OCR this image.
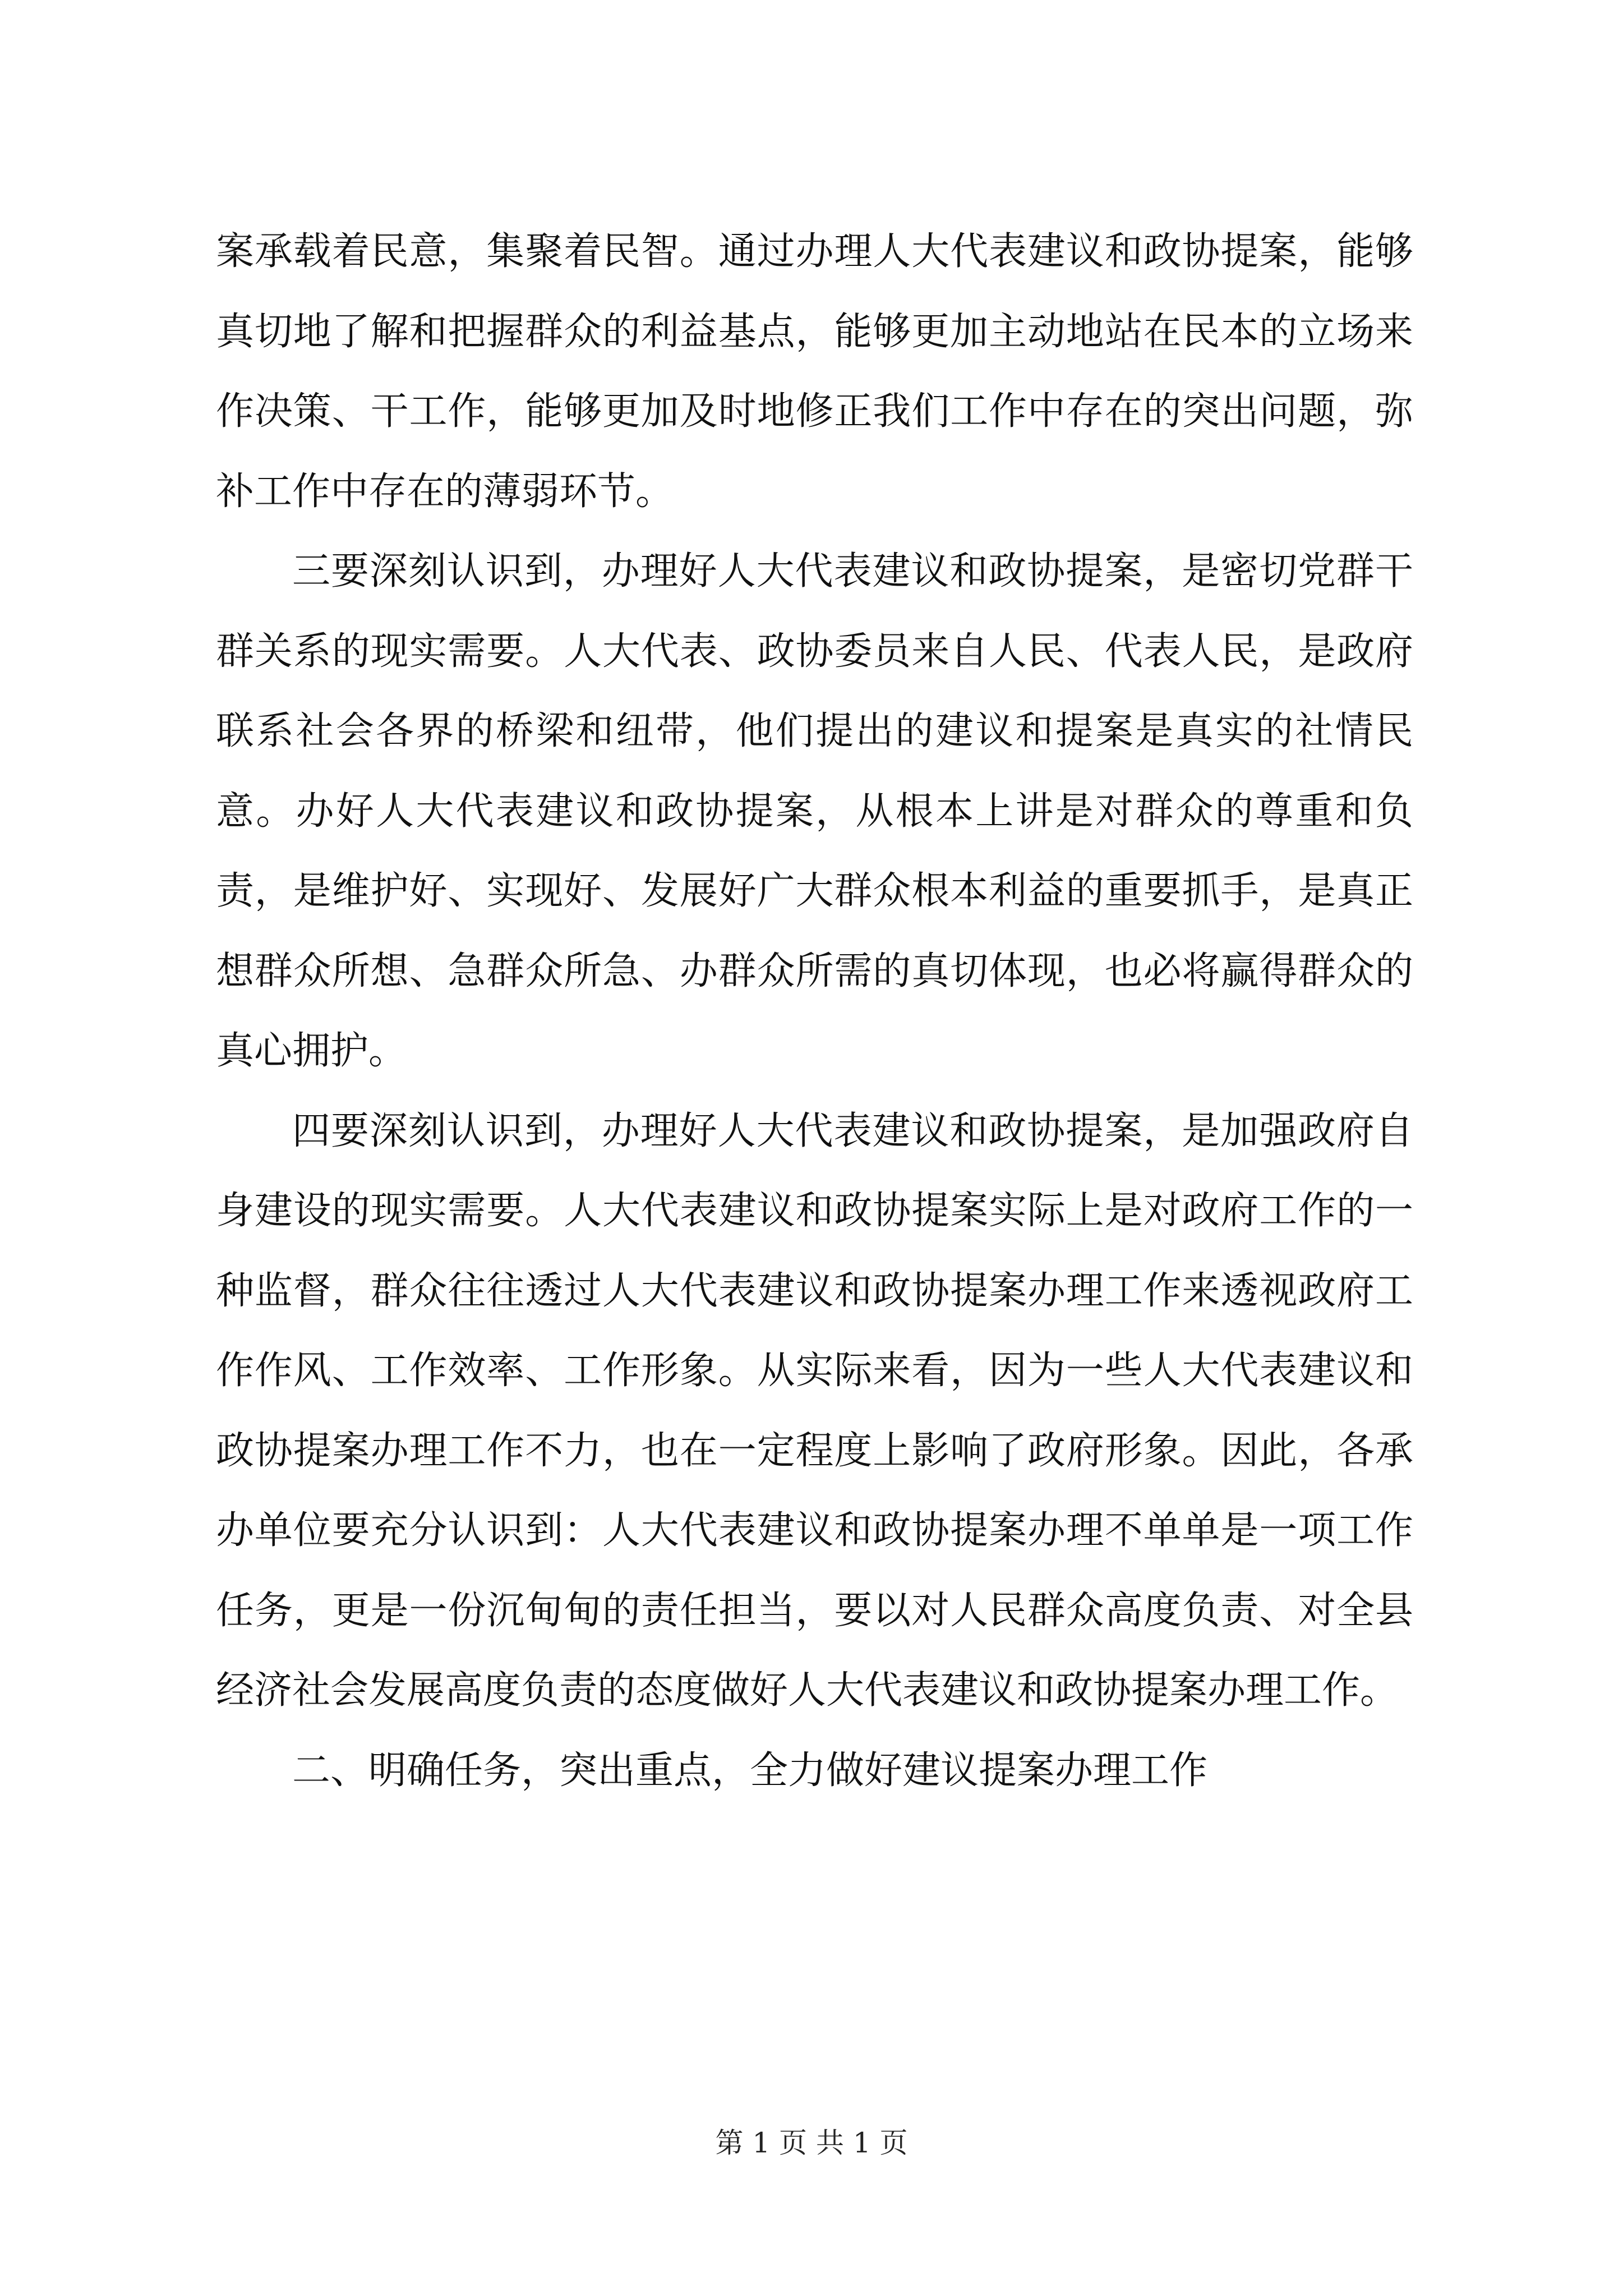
案承载着民意，集聚着民智。通过办理人大代表建议和政协提案，能够真切地了解和把握群众的利益基点，能够更加主动地站在民本的立场来作决策、干工作，能够更加及时地修正我们工作中存在的突出问题，弥补工作中存在的薄弱环节。

三要深刻认识到，办理好人大代表建议和政协提案，是密切党群干群关系的现实需要。人大代表、政协委员来自人民、代表人民，是政府联系社会各界的桥梁和纽带，他们提出的建议和提案是真实的社情民意。办好人大代表建议和政协提案，从根本上讲是对群众的尊重和负责，是维护好、实现好、发展好广大群众根本利益的重要抓手，是真正想群众所想、急群众所急、办群众所需的真切体现，也必将赢得群众的真心拥护。

四要深刻认识到，办理好人大代表建议和政协提案，是加强政府自身建设的现实需要。人大代表建议和政协提案实际上是对政府工作的一种监督，群众往往透过人大代表建议和政协提案办理工作来透视政府工作作风、工作效率、工作形象。从实际来看，因为一些人大代表建议和政协提案办理工作不力，也在一定程度上影响了政府形象。因此，各承办单位要充分认识到：人大代表建议和政协提案办理不单单是一项工作任务，更是一份沉甸甸的责任担当，要以对人民群众高度负责、对全县经济社会发展高度负责的态度做好人大代表建议和政协提案办理工作。

二、明确任务，突出重点，全力做好建议提案办理工作

第 1 页 共 1 页
